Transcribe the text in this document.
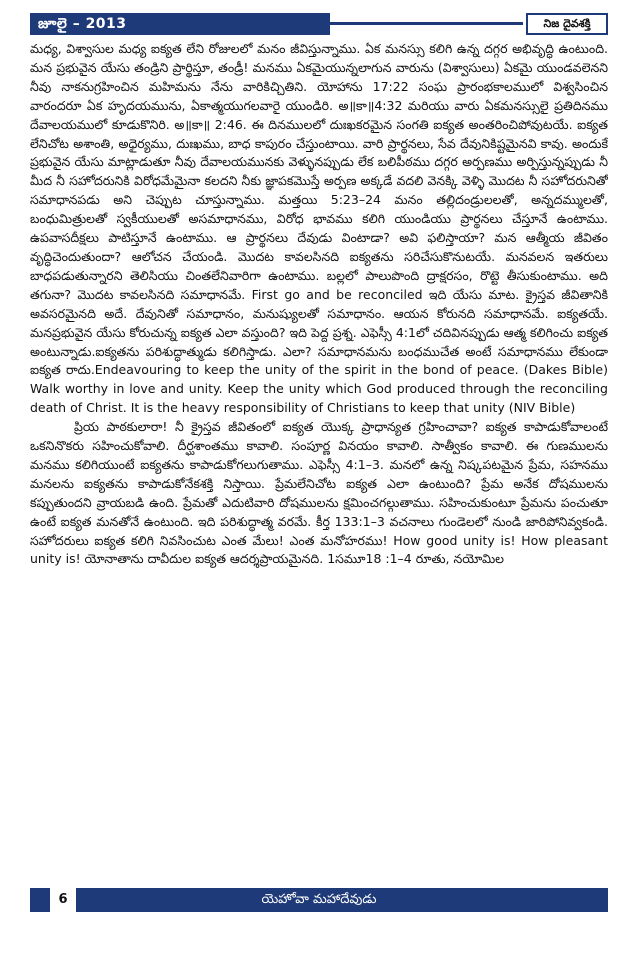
జూలై – 2013	నిజ దైవశక్తి

మధ్య, విశ్వాసుల మధ్య ఐక్యత లేని రోజులలో మనం జీవిస్తున్నాము. ఏక మనస్సు కలిగి ఉన్న దగ్గర అభివృద్ధి ఉంటుంది. మన ప్రభువైన యేసు తండ్రిని ప్రార్థిస్తూ, తండ్రీ! మనము ఏకమైయున్నలాగున వారును (విశ్వాసులు) ఏకమై యుండవలెనని నీవు నాకనుగ్రహించిన మహిమను నేను వారికిచ్చితిని. యోహాను 17:22 సంఘ ప్రారంభకాలములో విశ్వసించిన వారందరూ ఏక హృదయమును, ఏకాత్మయుగలవారై యుండిరి. అ॥కా॥4:32 మరియు వారు ఏకమనస్సులై ప్రతిదినము దేవాలయములో కూడుకొనిరి. అ॥కా॥ 2:46. ఈ దినములలో దుఃఖకరమైన సంగతి ఐక్యత అంతరించిపోవుటయే. ఐక్యత లేనిచోట అశాంతి, అధైర్యము, దుఃఖము, బాధ కాపురం చేస్తుంటాయి. వారి ప్రార్థనలు, సేవ దేవునికిష్టమైనవి కావు. అందుకే ప్రభువైన యేసు మాట్లాడుతూ నీవు దేవాలయమునకు వెళ్ళునప్పుడు లేక బలిపీఠము దగ్గర అర్పణము అర్పిస్తున్నప్పుడు నీ మీద నీ సహోదరునికి విరోధమేమైనా కలదని నీకు జ్ఞాపకమొస్తే అర్పణ అక్కడే వదలి వెనక్కి వెళ్ళి మొదట నీ సహోదరునితో సమాధానపడు అని చెప్పుట చూస్తున్నాము. మత్తయి 5:23–24 మనం తల్లిదండ్రులలతో, అన్నదమ్ములతో, బంధుమిత్రులతో స్వకీయులతో అసమాధానము, విరోధ భావము కలిగి యుండియు ప్రార్థనలు చేస్తూనే ఉంటాము. ఉపవాసదీక్షలు పాటిస్తూనే ఉంటాము. ఆ ప్రార్థనలు దేవుడు వింటాడా? అవి ఫలిస్తాయా? మన ఆత్మీయ జీవితం వృద్ధిచెందుతుందా? ఆలోచన చేయండి. మొదట కావలసినది ఐక్యతను సరిచేసుకొనుటయే. మనవలన ఇతరులు బాధపడుతున్నారని తెలిసియు చింతలేనివారిగా ఉంటాము. బల్లలో పాలుపొంది ద్రాక్షరసం, రొట్టె తీసుకుంటాము. అది తగునా? మొదట కావలసినది సమాధానమే. First go and be reconciled ఇది యేసు మాట. క్రైస్తవ జీవితానికి అవసరమైనది అదే. దేవునితో సమాధానం, మనుష్యులతో సమాధానం. ఆయన కోరునది సమాధానమే. ఐక్యతయే. మనప్రభువైన యేసు కోరుచున్న ఐక్యత ఎలా వస్తుంది? ఇది పెద్ద ప్రశ్న. ఎఫెస్సీ 4:1లో చదివినప్పుడు ఆత్మ కలిగించు ఐక్యత అంటున్నాడు.ఐక్యతను పరిశుద్ధాత్ముడు కలిగిస్తాడు. ఎలా? సమాధానమను బంధముచేత అంటే సమాధానము లేకుండా ఐక్యత రాదు.Endeavouring to keep the unity of the spirit in the bond of peace. (Dakes Bible) Walk worthy in love and unity. Keep the unity which God produced through the reconciling death of Christ. It is the heavy responsibility of Christians to keep that unity (NIV Bible)

ప్రియ పాఠకులారా! నీ క్రైస్తవ జీవితంలో ఐక్యత యొక్క ప్రాధాన్యత గ్రహించావా? ఐక్యత కాపాడుకోవాలంటే ఒకనినొకరు సహించుకోవాలి. దీర్ఘశాంతము కావాలి. సంపూర్ణ వినయం కావాలి. సాత్వీకం కావాలి. ఈ గుణములను మనము కలిగియుంటే ఐక్యతను కాపాడుకోగలుగుతాము. ఎఫెస్సీ 4:1–3. మనలో ఉన్న నిష్కపటమైన ప్రేమ, సహనము మనలను ఐక్యతను కాపాడుకోనేకశక్తి నిస్తాయి. ప్రేమలేనిచోట ఐక్యత ఎలా ఉంటుంది? ప్రేమ అనేక దోషములను కప్పుతుందని వ్రాయబడి ఉంది. ప్రేమతో ఎదుటివారి దోషములను క్షమించగల్గుతాము. సహించుకుంటూ ప్రేమను పంచుతూ ఉంటే ఐక్యత మనతోనే ఉంటుంది. ఇది పరిశుద్ధాత్మ వరమే. కీర్త 133:1–3 వచనాలు గుండెలలో నుండి జారిపోనివ్వకండి. సహోదరులు ఐక్యత కలిగి నివసించుట ఎంత మేలు! ఎంత మనోహరము! How good unity is! How pleasant unity is! యోనాతాను దావీదుల ఐక్యత ఆదర్శప్రాయమైనది. 1సమూ18 :1–4 రూతు, నయోమిల

6	యెహోవా మహాదేవుడు
